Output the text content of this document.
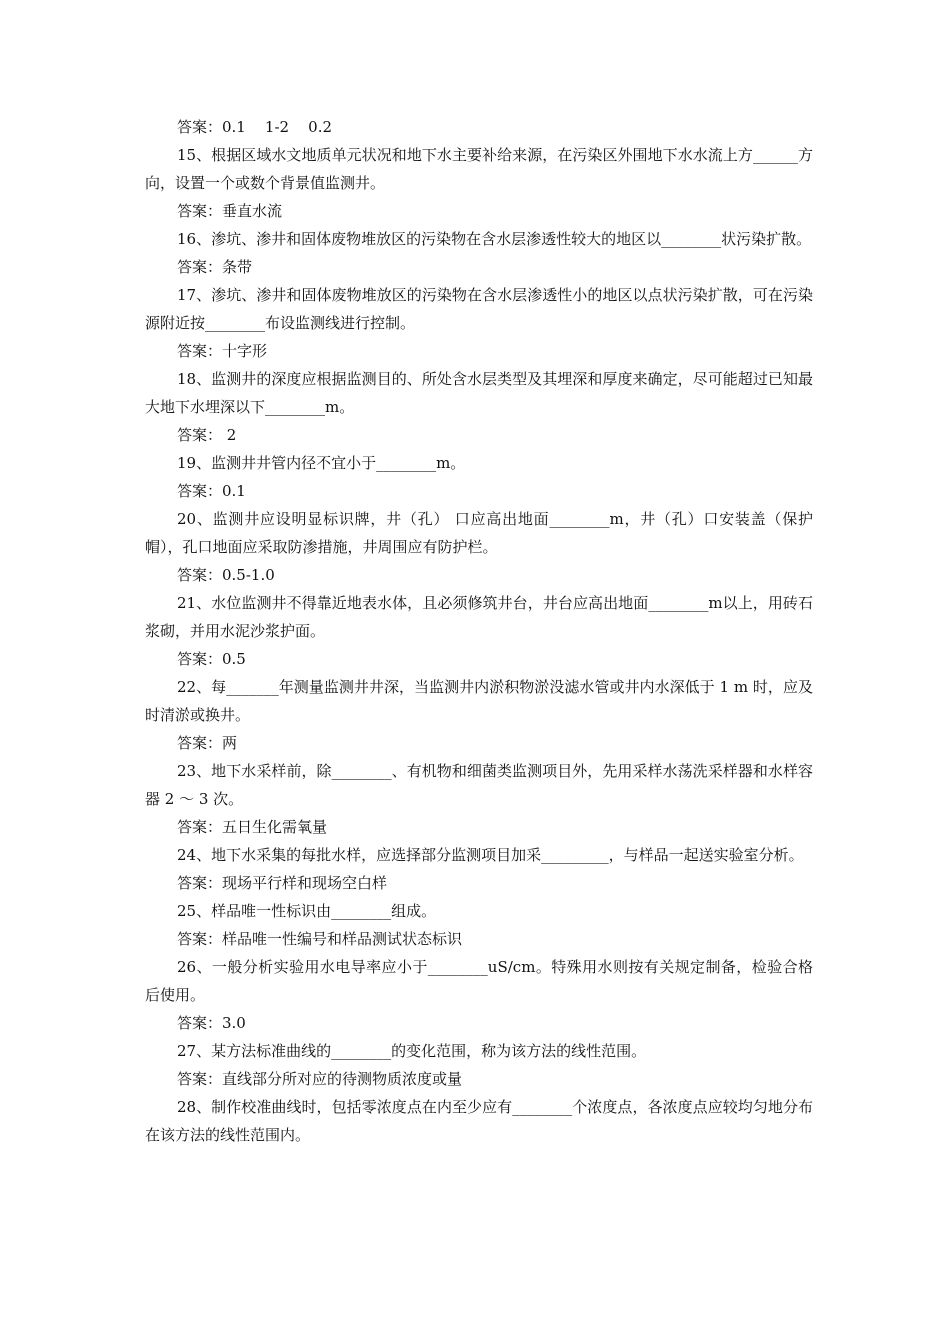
答案：0.1    1-2    0.2

15、根据区域水文地质单元状况和地下水主要补给来源，在污染区外围地下水水流上方______方向，设置一个或数个背景值监测井。

答案：垂直水流

16、渗坑、渗井和固体废物堆放区的污染物在含水层渗透性较大的地区以________状污染扩散。

答案：条带

17、渗坑、渗井和固体废物堆放区的污染物在含水层渗透性小的地区以点状污染扩散，可在污染源附近按________布设监测线进行控制。

答案：十字形

18、监测井的深度应根据监测目的、所处含水层类型及其埋深和厚度来确定，尽可能超过已知最大地下水埋深以下________m。

答案： 2

19、监测井井管内径不宜小于________m。

答案：0.1

20、监测井应设明显标识牌，井（孔） 口应高出地面________m，井（孔）口安装盖（保护帽），孔口地面应采取防渗措施，井周围应有防护栏。

答案：0.5-1.0

21、水位监测井不得靠近地表水体，且必须修筑井台，井台应高出地面________m以上，用砖石浆砌，并用水泥沙浆护面。

答案：0.5

22、每_______年测量监测井井深，当监测井内淤积物淤没滤水管或井内水深低于 1 m 时，应及时清淤或换井。

答案：两

23、地下水采样前，除________、有机物和细菌类监测项目外，先用采样水荡洗采样器和水样容器 2 ～ 3 次。

答案：五日生化需氧量

24、地下水采集的每批水样，应选择部分监测项目加采_________，与样品一起送实验室分析。

答案：现场平行样和现场空白样

25、样品唯一性标识由________组成。

答案：样品唯一性编号和样品测试状态标识

26、一般分析实验用水电导率应小于________uS/cm。特殊用水则按有关规定制备，检验合格后使用。

答案：3.0

27、某方法标准曲线的________的变化范围，称为该方法的线性范围。

答案：直线部分所对应的待测物质浓度或量

28、制作校准曲线时，包括零浓度点在内至少应有________个浓度点，各浓度点应较均匀地分布在该方法的线性范围内。
